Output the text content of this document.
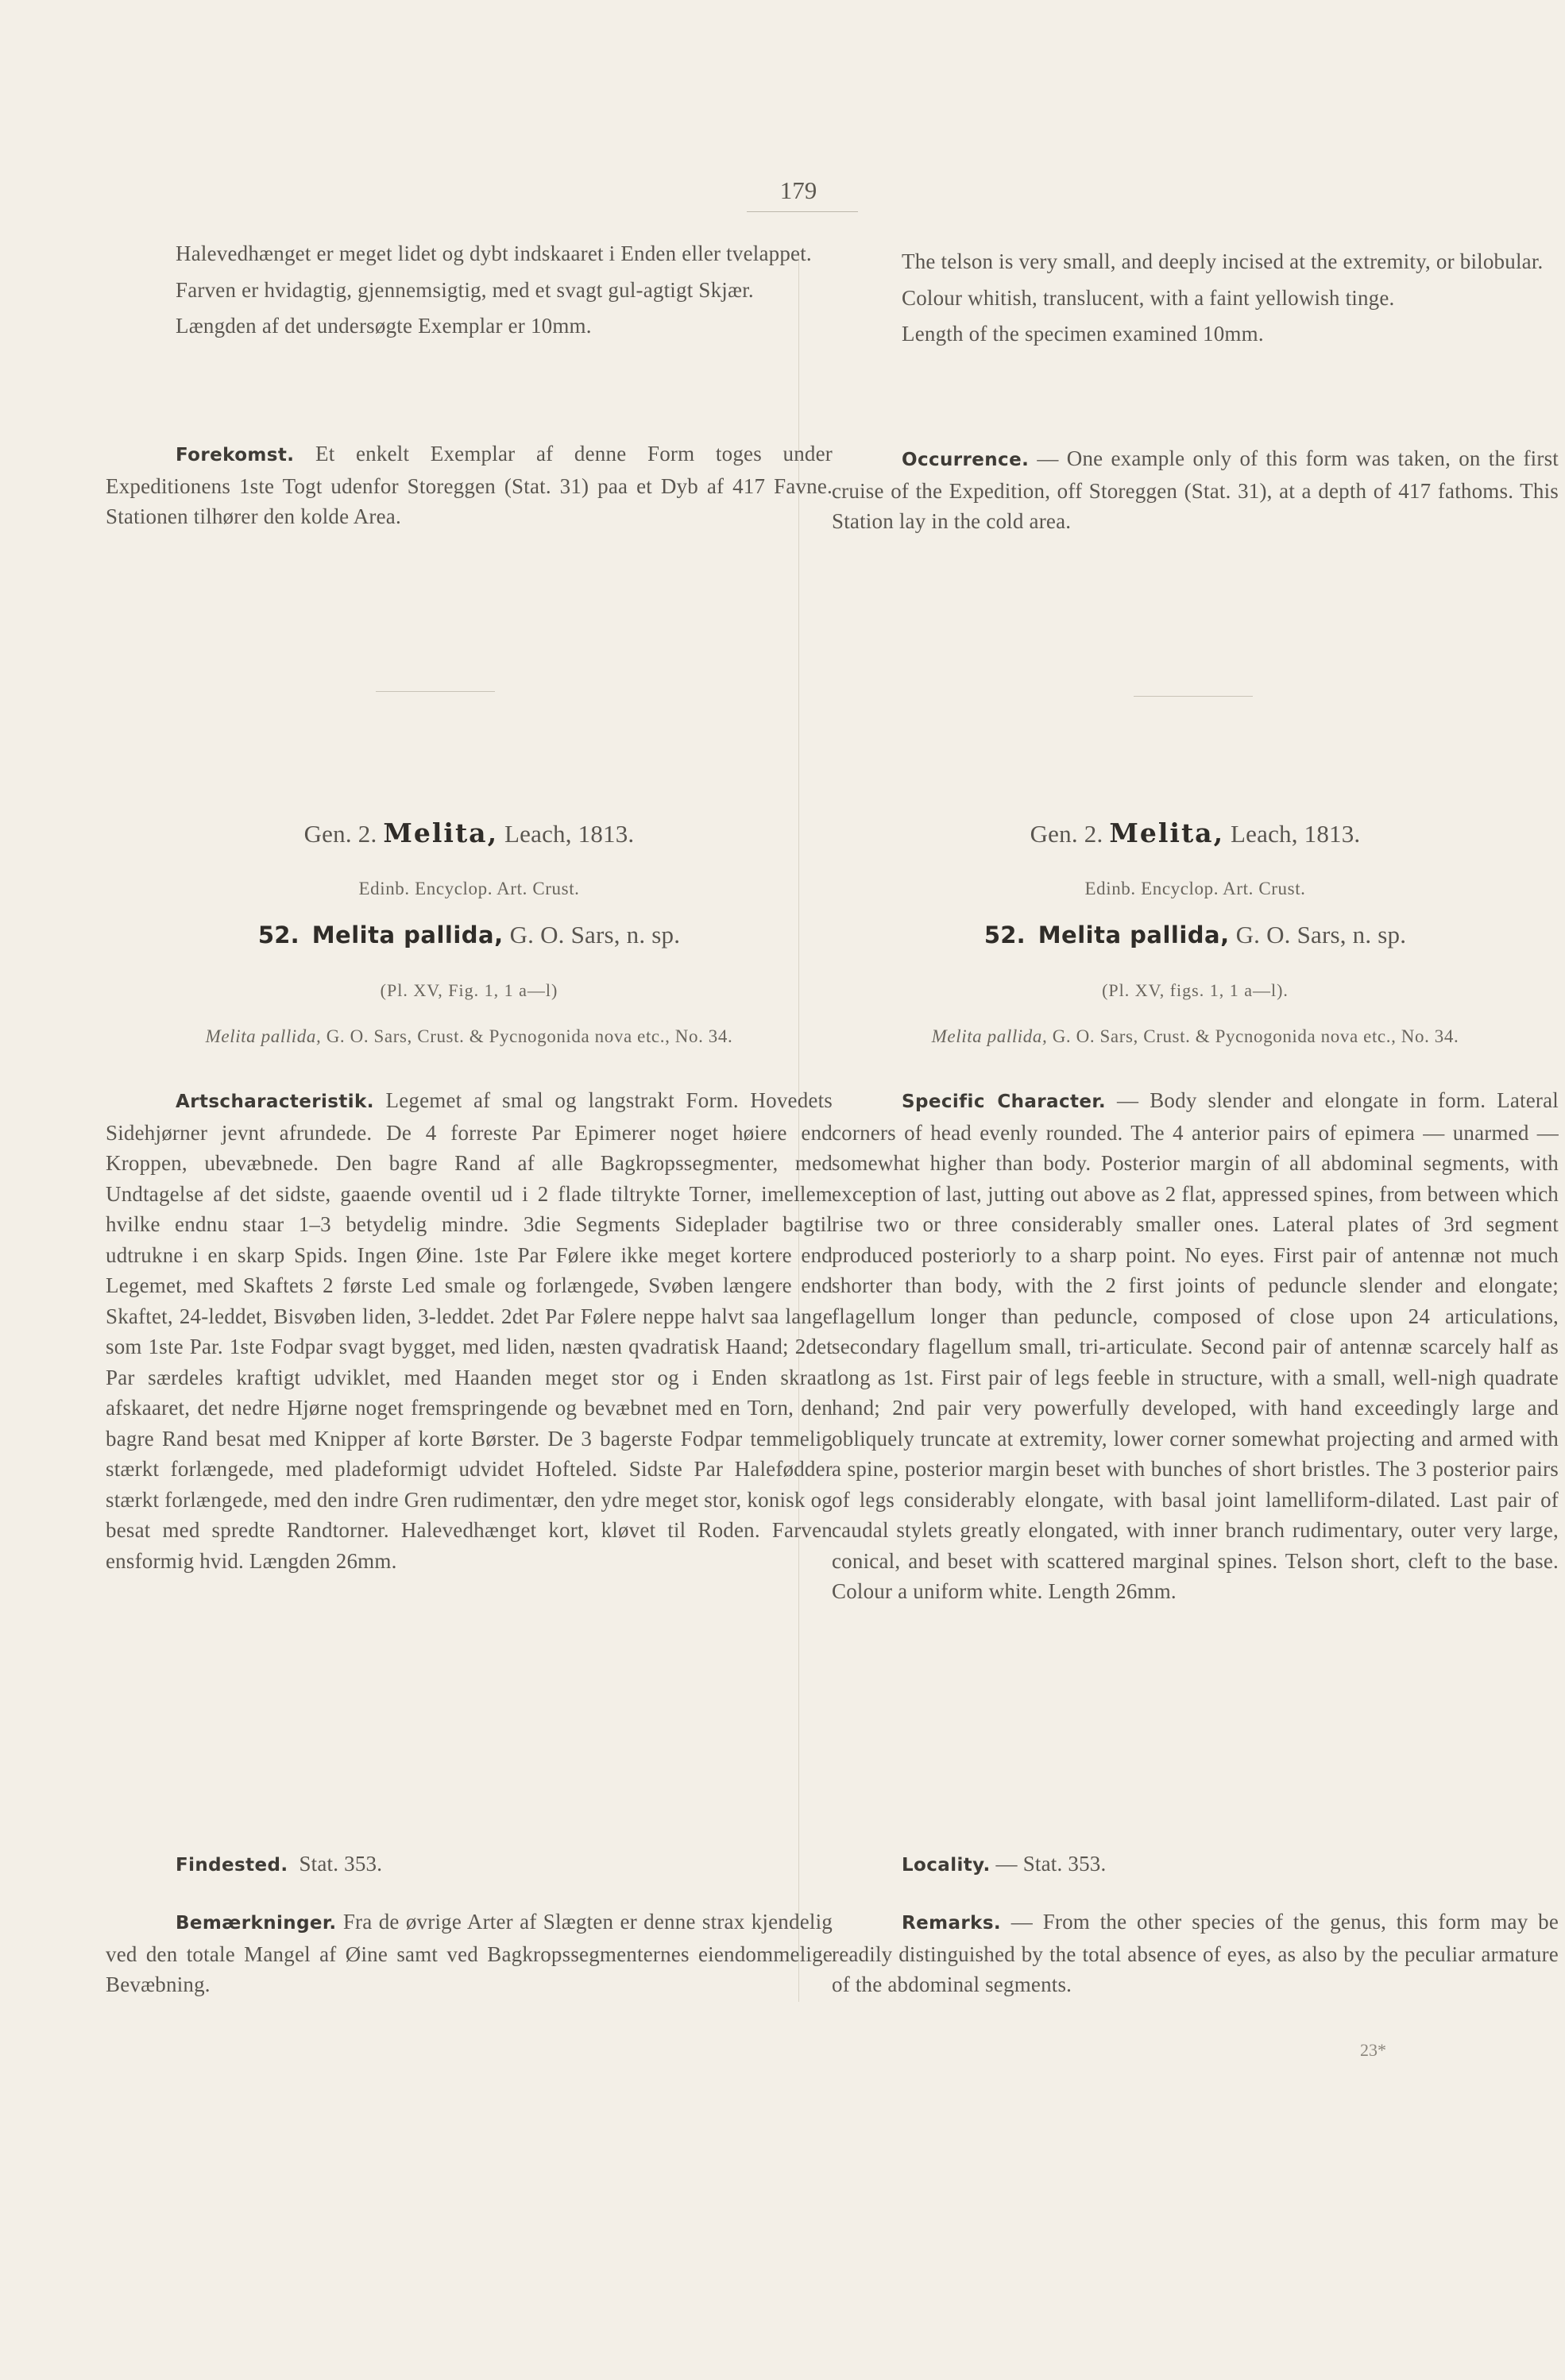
179

Halevedhænget er meget lidet og dybt indskaaret i Enden eller tvelappet.

Farven er hvidagtig, gjennemsigtig, med et svagt gul-agtigt Skjær.

Længden af det undersøgte Exemplar er 10mm.

Forekomst. Et enkelt Exemplar af denne Form toges under Expeditionens 1ste Togt udenfor Storeggen (Stat. 31) paa et Dyb af 417 Favne. Stationen tilhører den kolde Area.

Gen. 2. Melita, Leach, 1813.

Edinb. Encyclop. Art. Crust.

52. Melita pallida, G. O. Sars, n. sp.

(Pl. XV, Fig. 1, 1 a—l)

Melita pallida, G. O. Sars, Crust. & Pycnogonida nova etc., No. 34.

Artscharacteristik. Legemet af smal og langstrakt Form. Hovedets Sidehjørner jevnt afrundede. De 4 forreste Par Epimerer noget høiere end Kroppen, ubevæbnede. Den bagre Rand af alle Bagkropssegmenter, med Undtagelse af det sidste, gaaende oventil ud i 2 flade tiltrykte Torner, imellem hvilke endnu staar 1–3 betydelig mindre. 3die Segments Sideplader bagtil udtrukne i en skarp Spids. Ingen Øine. 1ste Par Følere ikke meget kortere end Legemet, med Skaftets 2 første Led smale og forlængede, Svøben længere end Skaftet, 24-leddet, Bisvøben liden, 3-leddet. 2det Par Følere neppe halvt saa lange som 1ste Par. 1ste Fodpar svagt bygget, med liden, næsten qvadratisk Haand; 2det Par særdeles kraftigt udviklet, med Haanden meget stor og i Enden skraat afskaaret, det nedre Hjørne noget fremspringende og bevæbnet med en Torn, den bagre Rand besat med Knipper af korte Børster. De 3 bagerste Fodpar temmelig stærkt forlængede, med pladeformigt udvidet Hofteled. Sidste Par Halefødder stærkt forlængede, med den indre Gren rudimentær, den ydre meget stor, konisk og besat med spredte Randtorner. Halevedhænget kort, kløvet til Roden. Farven ensformig hvid. Længden 26mm.

Findested. Stat. 353.

Bemærkninger. Fra de øvrige Arter af Slægten er denne strax kjendelig ved den totale Mangel af Øine samt ved Bagkropssegmenternes eiendommelige Bevæbning.

The telson is very small, and deeply incised at the extremity, or bilobular.

Colour whitish, translucent, with a faint yellowish tinge.

Length of the specimen examined 10mm.

Occurrence. — One example only of this form was taken, on the first cruise of the Expedition, off Storeggen (Stat. 31), at a depth of 417 fathoms. This Station lay in the cold area.

Gen. 2. Melita, Leach, 1813.

Edinb. Encyclop. Art. Crust.

52. Melita pallida, G. O. Sars, n. sp.

(Pl. XV, figs. 1, 1 a—l).

Melita pallida, G. O. Sars, Crust. & Pycnogonida nova etc., No. 34.

Specific Character. — Body slender and elongate in form. Lateral corners of head evenly rounded. The 4 anterior pairs of epimera — unarmed — somewhat higher than body. Posterior margin of all abdominal segments, with exception of last, jutting out above as 2 flat, appressed spines, from between which rise two or three considerably smaller ones. Lateral plates of 3rd segment produced posteriorly to a sharp point. No eyes. First pair of antennæ not much shorter than body, with the 2 first joints of peduncle slender and elongate; flagellum longer than peduncle, composed of close upon 24 articulations, secondary flagellum small, tri-articulate. Second pair of antennæ scarcely half as long as 1st. First pair of legs feeble in structure, with a small, well-nigh quadrate hand; 2nd pair very powerfully developed, with hand exceedingly large and obliquely truncate at extremity, lower corner somewhat projecting and armed with a spine, posterior margin beset with bunches of short bristles. The 3 posterior pairs of legs considerably elongate, with basal joint lamelliform-dilated. Last pair of caudal stylets greatly elongated, with inner branch rudimentary, outer very large, conical, and beset with scattered marginal spines. Telson short, cleft to the base. Colour a uniform white. Length 26mm.

Locality. — Stat. 353.

Remarks. — From the other species of the genus, this form may be readily distinguished by the total absence of eyes, as also by the peculiar armature of the abdominal segments.

23*
